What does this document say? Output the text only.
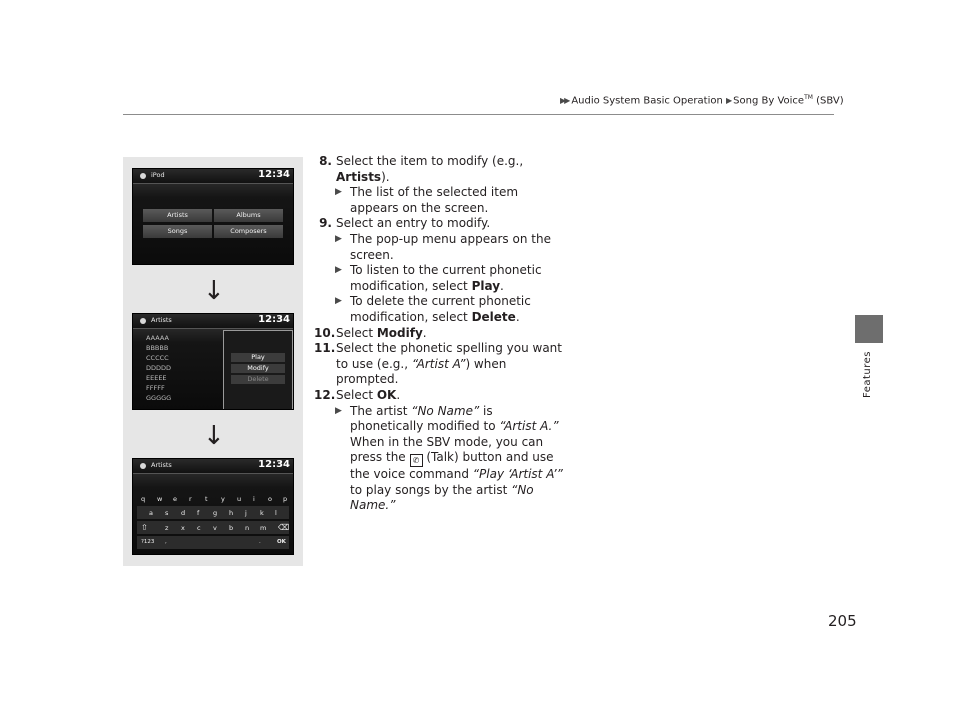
▶▶ Audio System Basic Operation ▶ Song By Voice™ (SBV)
Features
iPod	12:34
Artists	Albums
Songs	Composers
↓
Artists	12:34
AAAAA
BBBBB
CCCCC
DDDDD
EEEEE
FFFFF
GGGGG
Play
Modify
Delete
↓
Artists	12:34
q w e r t y u i o p
a s d f g h j k l
⇧	z x c v b n m ⌫
?123 ,	.	OK
8. Select the item to modify (e.g., Artists).
▶ The list of the selected item appears on the screen.
9. Select an entry to modify.
▶ The pop-up menu appears on the screen.
▶ To listen to the current phonetic modification, select Play.
▶ To delete the current phonetic modification, select Delete.
10. Select Modify.
11. Select the phonetic spelling you want to use (e.g., “Artist A”) when prompted.
12. Select OK.
▶ The artist “No Name” is phonetically modified to “Artist A.” When in the SBV mode, you can press the ✆ (Talk) button and use the voice command “Play ‘Artist A’” to play songs by the artist “No Name.”
205
